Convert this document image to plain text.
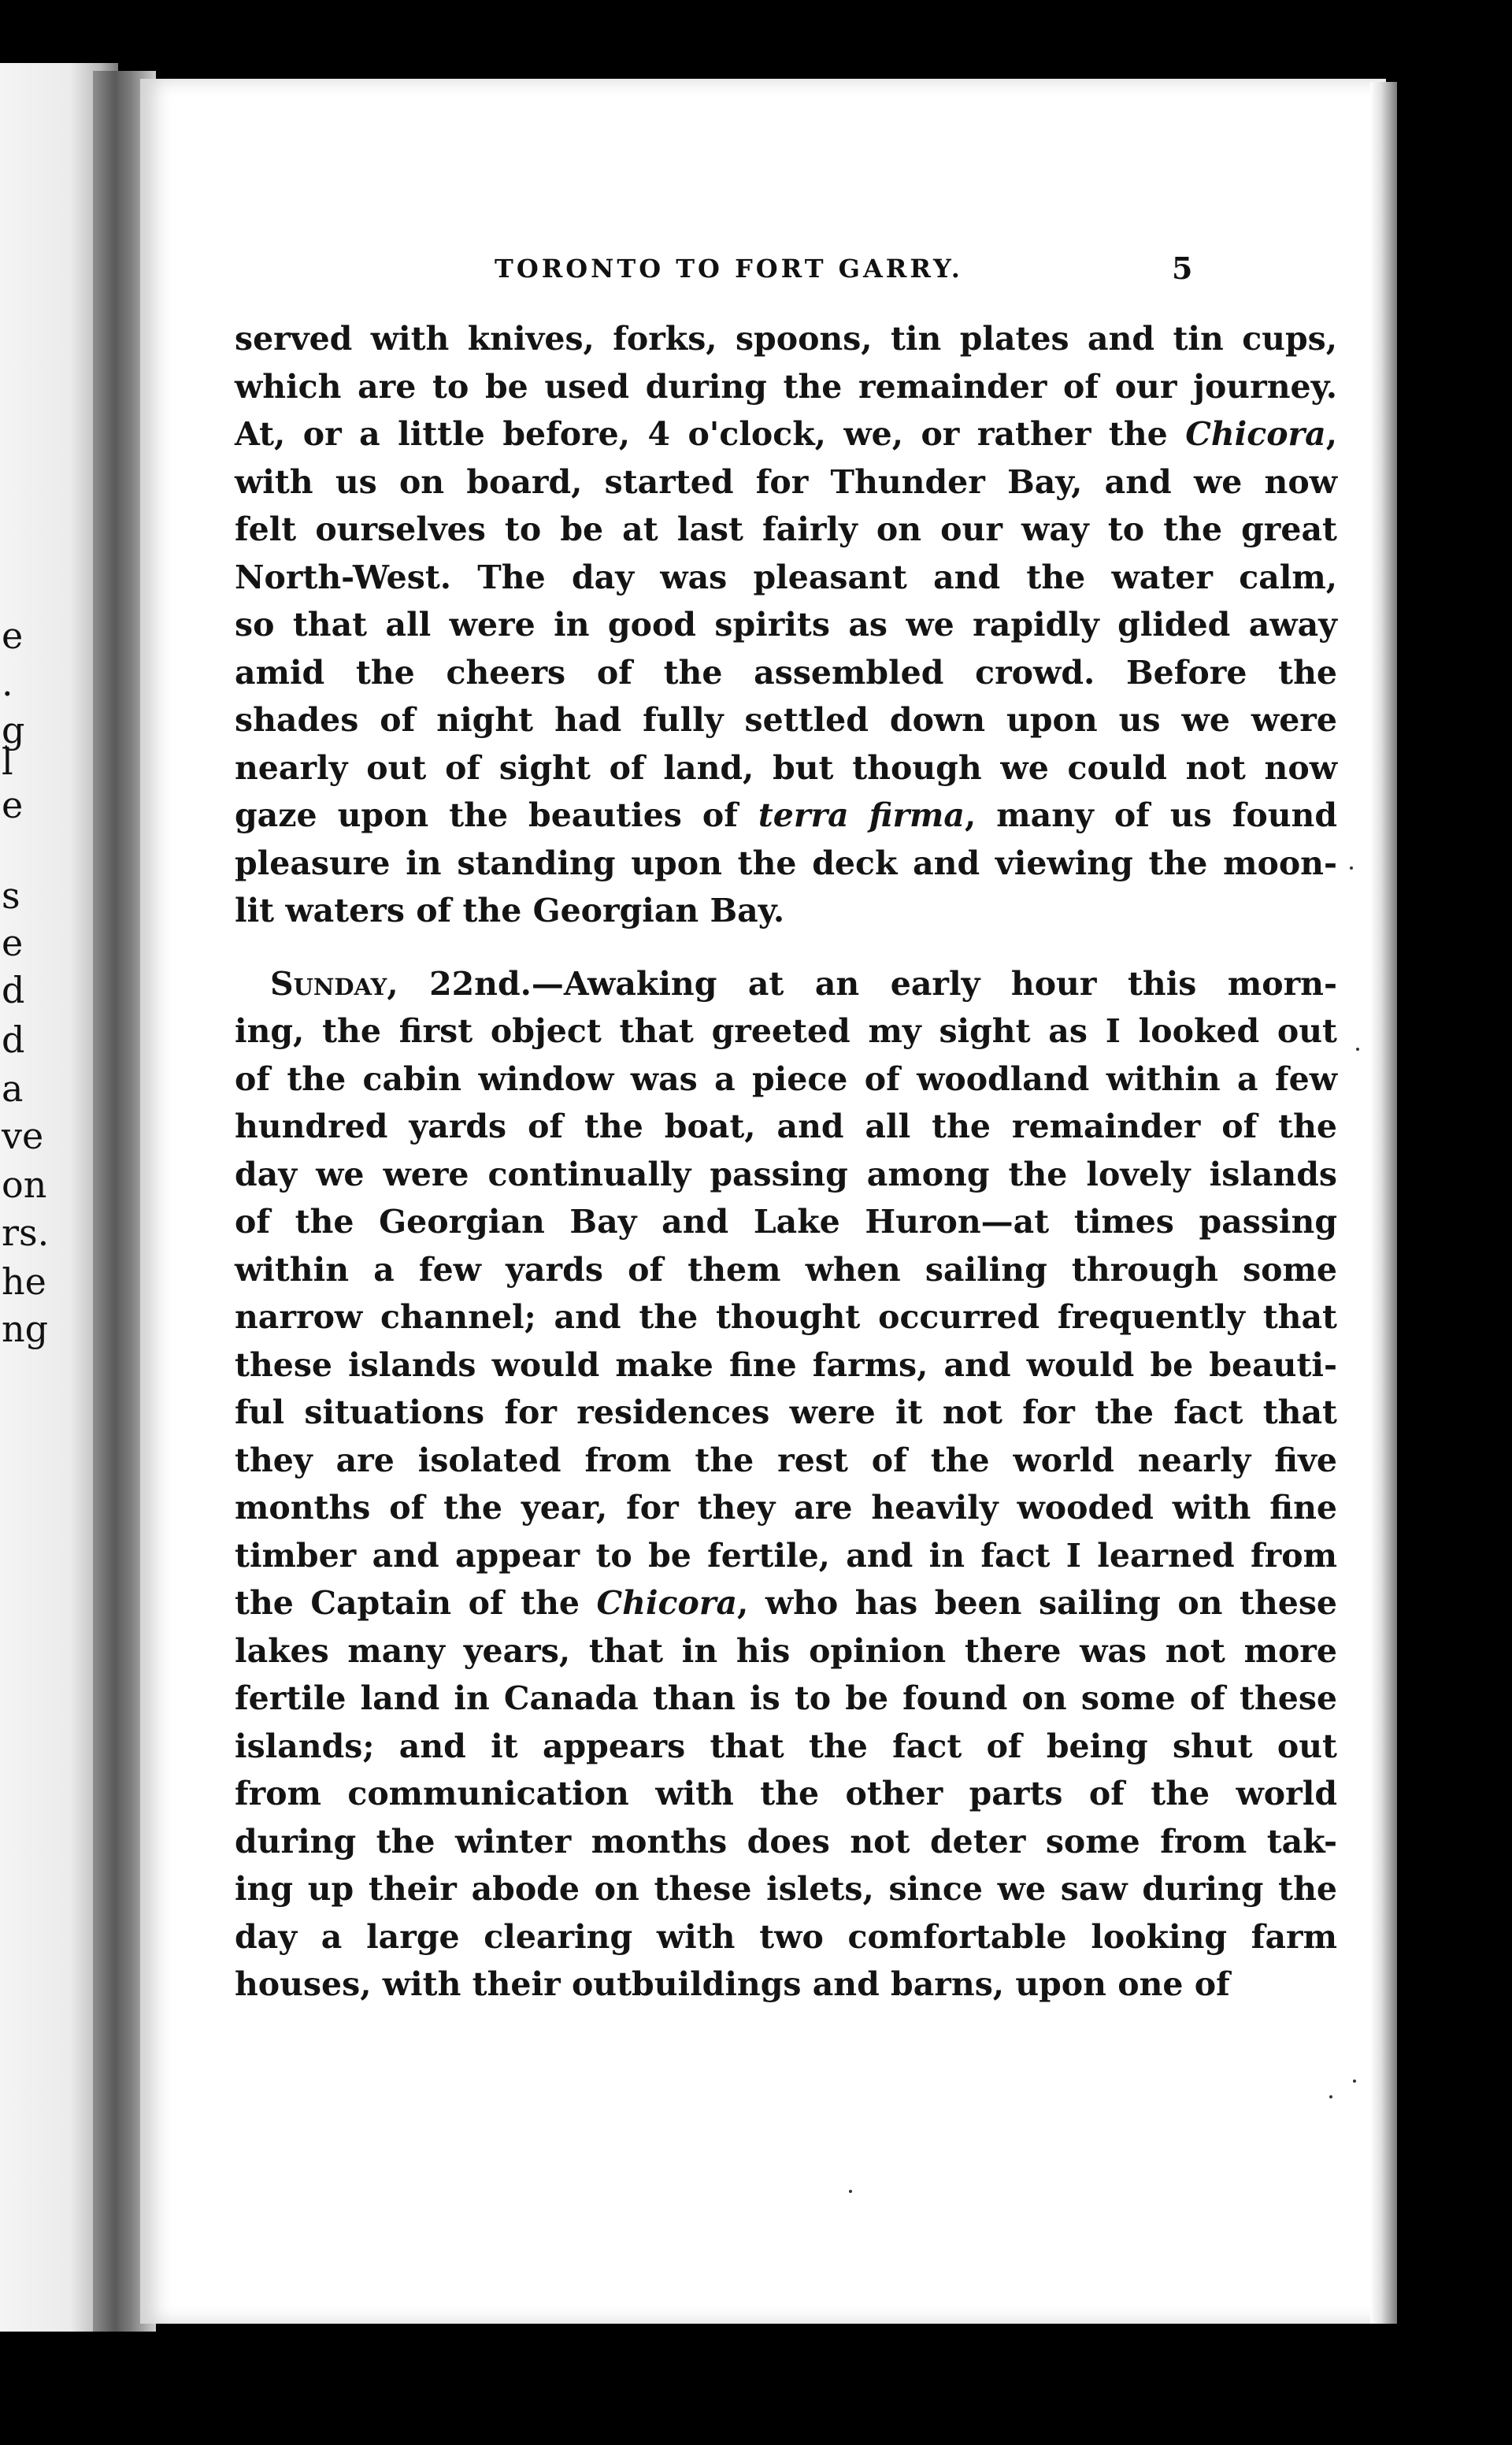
e
.
g
l
e
s
e
d
d
a
ve
on
rs.
he
ng
TORONTO TO FORT GARRY.	5
served with knives, forks, spoons, tin plates and tin cups,
which are to be used during the remainder of our journey.
At, or a little before, 4 o'clock, we, or rather the Chicora,
with us on board, started for Thunder Bay, and we now
felt ourselves to be at last fairly on our way to the great
North-West. The day was pleasant and the water calm,
so that all were in good spirits as we rapidly glided away
amid the cheers of the assembled crowd. Before the
shades of night had fully settled down upon us we were
nearly out of sight of land, but though we could not now
gaze upon the beauties of terra firma, many of us found
pleasure in standing upon the deck and viewing the moon-
lit waters of the Georgian Bay.
Sunday, 22nd.—Awaking at an early hour this morn-
ing, the first object that greeted my sight as I looked out
of the cabin window was a piece of woodland within a few
hundred yards of the boat, and all the remainder of the
day we were continually passing among the lovely islands
of the Georgian Bay and Lake Huron—at times passing
within a few yards of them when sailing through some
narrow channel; and the thought occurred frequently that
these islands would make fine farms, and would be beauti-
ful situations for residences were it not for the fact that
they are isolated from the rest of the world nearly five
months of the year, for they are heavily wooded with fine
timber and appear to be fertile, and in fact I learned from
the Captain of the Chicora, who has been sailing on these
lakes many years, that in his opinion there was not more
fertile land in Canada than is to be found on some of these
islands; and it appears that the fact of being shut out
from communication with the other parts of the world
during the winter months does not deter some from tak-
ing up their abode on these islets, since we saw during the
day a large clearing with two comfortable looking farm
houses, with their outbuildings and barns, upon one of
